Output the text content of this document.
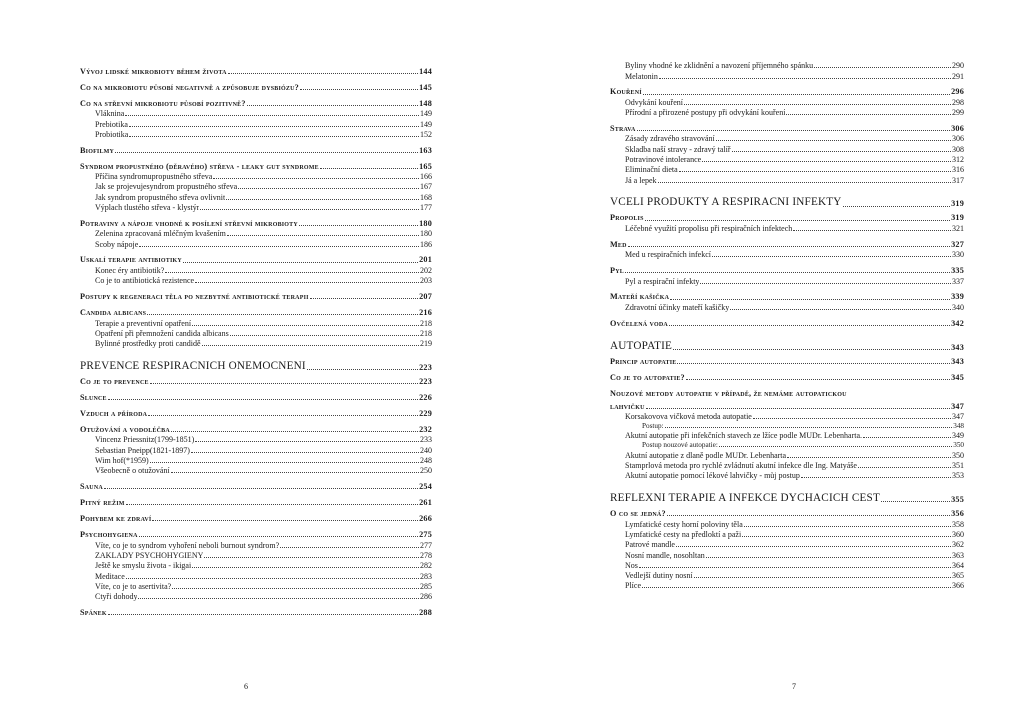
Vývoj lidské mikrobioty během života	144
Co na mikrobiotu působí negativně a způsobuje dysbiózu?	145
Co na střevní mikrobiotu působí pozitivně?	148
Vláknina	149
Prebiotika	149
Probiotika	152
Biofilmy	163
Syndrom propustného (děravého) střeva - leaky gut syndrome	165
Příčina syndromupropustného střeva	166
Jak se projevujesyndrom propustného střeva	167
Jak syndrom propustného střeva ovlivnit	168
Výplach tlustého střeva - klystýr	177
Potraviny a nápoje vhodné k posílení střevní mikrobioty	180
Zelenina zpracovaná mléčným kvašením	180
Scoby nápoje	186
Úskalí terapie antibiotiky	201
Konec éry antibiotik?	202
Co je to antibiotická rezistence	203
Postupy k regeneraci těla po nezbytné antibiotické terapii	207
Candida albicans	216
Terapie a preventivní opatření	218
Opatření při přemnožení candida albicans	218
Bylinné prostředky proti candidě	219
PREVENCE RESPIRAČNÍCH ONEMOCNĚNÍ	223
Co je to prevence	223
Slunce	226
Vzduch a příroda	229
Otužování a vodoléčba	232
Vincenz Priessnitz(1799-1851)	233
Sebastian Pneipp(1821-1897)	240
Wim hof(*1959)	248
Všeobecně o otužování	250
Sauna	254
Pitný režim	261
Pohybem ke zdraví	266
Psychohygiena	275
Víte, co je to syndrom vyhoření neboli burnout syndrom?	277
ZÁKLADY PSYCHOHYGIENY	278
Ještě ke smyslu života - ikigai	282
Meditace	283
Víte, co je to asertivita?	285
Čtyři dohody	286
Spánek	288
6
Byliny vhodné ke zklidnění a navození příjemného spánku	290
Melatonin	291
Kouření	296
Odvykání kouření	298
Přírodní a přirozené postupy při odvykání kouření	299
Strava	306
Zásady zdravého stravování	306
Skladba naší stravy - zdravý talíř	308
Potravinové intolerance	312
Eliminační dieta	316
Já a lepek	317
VČELÍ PRODUKTY A RESPIRAČNÍ INFEKTY	319
Propolis	319
Léčebné využití propolisu při respiračních infektech	321
Med	327
Med u respiračních infekcí	330
Pyl	335
Pyl a respirační infekty	337
Mateří kašička	339
Zdravotní účinky mateří kašičky	340
Ovčelená voda	342
AUTOPATIE	343
Princip autopatie	343
Co je to autopatie?	345
Nouzové metody autopatie v případě, že nemáme autopatickou
lahvičku	347
Korsakovova vičková metoda autopatie	347
Postup:	348
Akutní autopatie při infekčních stavech ze lžíce podle MUDr. Lebenharta.	349
Postup nouzové autopatie:	350
Akutní autopatie z dlaně podle MUDr. Lebenharta	350
Štamprlová metoda pro rychlé zvládnutí akutní infekce dle Ing. Matyáše	351
Akutní autopatie pomocí lékové lahvičky - můj postup	353
REFLEXNÍ TERAPIE A INFEKCE DÝCHACÍCH CEST	355
O co se jedná?	356
Lymfatické cesty horní poloviny těla	358
Lymfatické cesty na předloktí a paži	360
Patrové mandle	362
Nosní mandle, nosohltan	363
Nos	364
Vedlejší dutiny nosní	365
Plíce	366
7
